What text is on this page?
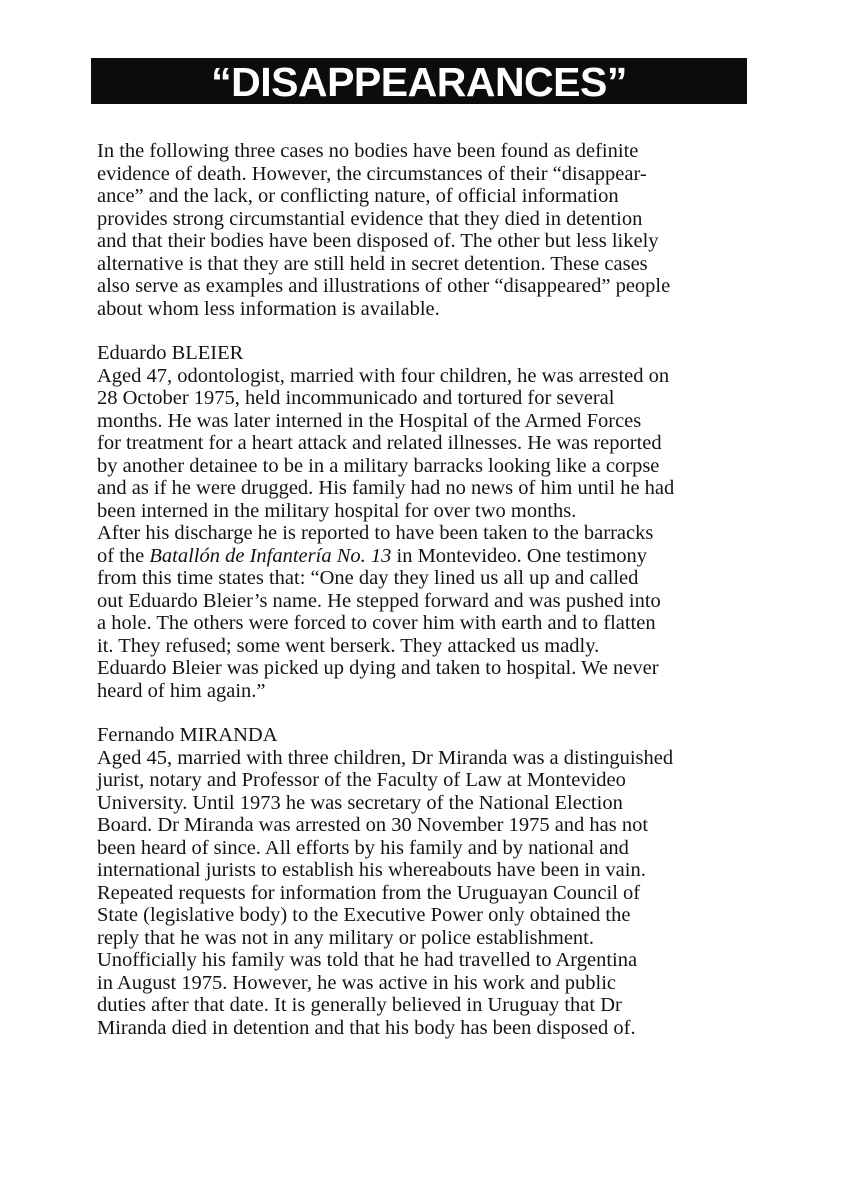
“DISAPPEARANCES”

In the following three cases no bodies have been found as definite
evidence of death. However, the circumstances of their “disappear-
ance” and the lack, or conflicting nature, of official information
provides strong circumstantial evidence that they died in detention
and that their bodies have been disposed of. The other but less likely
alternative is that they are still held in secret detention. These cases
also serve as examples and illustrations of other “disappeared” people
about whom less information is available.

Eduardo BLEIER

Aged 47, odontologist, married with four children, he was arrested on
28 October 1975, held incommunicado and tortured for several
months. He was later interned in the Hospital of the Armed Forces
for treatment for a heart attack and related illnesses. He was reported
by another detainee to be in a military barracks looking like a corpse
and as if he were drugged. His family had no news of him until he had
been interned in the military hospital for over two months.
After his discharge he is reported to have been taken to the barracks
of the Batallón de Infantería No. 13 in Montevideo. One testimony
from this time states that: “One day they lined us all up and called
out Eduardo Bleier’s name. He stepped forward and was pushed into
a hole. The others were forced to cover him with earth and to flatten
it. They refused; some went berserk. They attacked us madly.
Eduardo Bleier was picked up dying and taken to hospital. We never
heard of him again.”

Fernando MIRANDA

Aged 45, married with three children, Dr Miranda was a distinguished
jurist, notary and Professor of the Faculty of Law at Montevideo
University. Until 1973 he was secretary of the National Election
Board. Dr Miranda was arrested on 30 November 1975 and has not
been heard of since. All efforts by his family and by national and
international jurists to establish his whereabouts have been in vain.
Repeated requests for information from the Uruguayan Council of
State (legislative body) to the Executive Power only obtained the
reply that he was not in any military or police establishment.
Unofficially his family was told that he had travelled to Argentina
in August 1975. However, he was active in his work and public
duties after that date. It is generally believed in Uruguay that Dr
Miranda died in detention and that his body has been disposed of.
